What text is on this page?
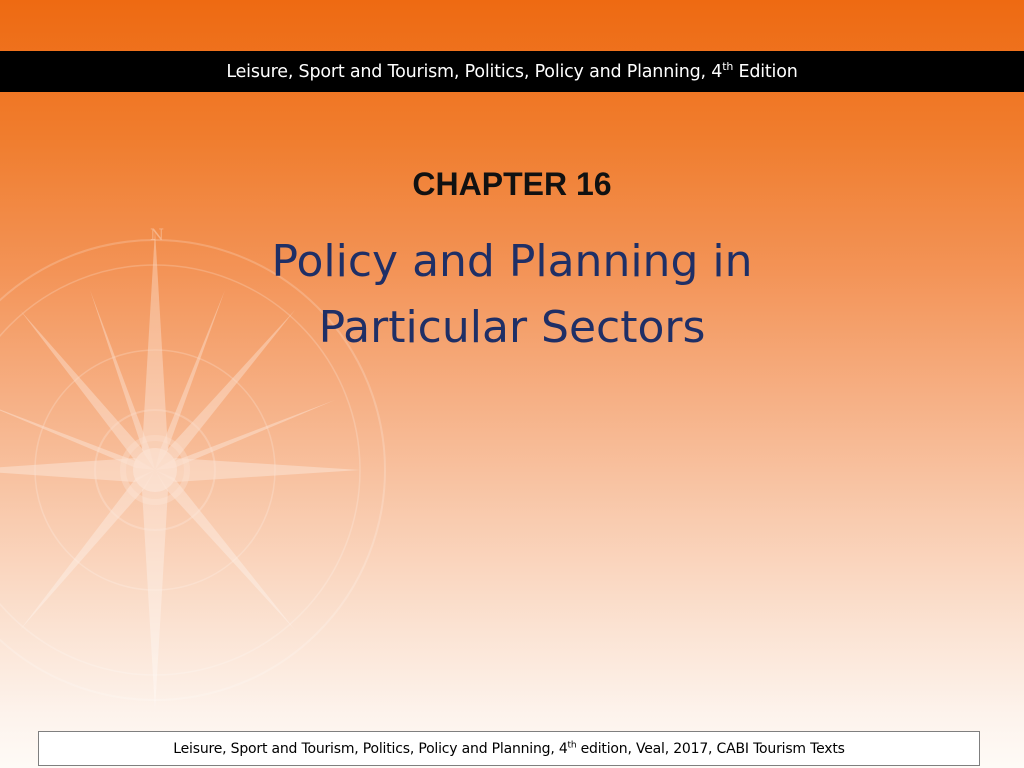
N
Leisure, Sport and Tourism, Politics, Policy and Planning, 4th Edition
CHAPTER 16
Policy and Planning in
Particular Sectors
Leisure, Sport and Tourism, Politics, Policy and Planning, 4th edition, Veal, 2017, CABI Tourism Texts
